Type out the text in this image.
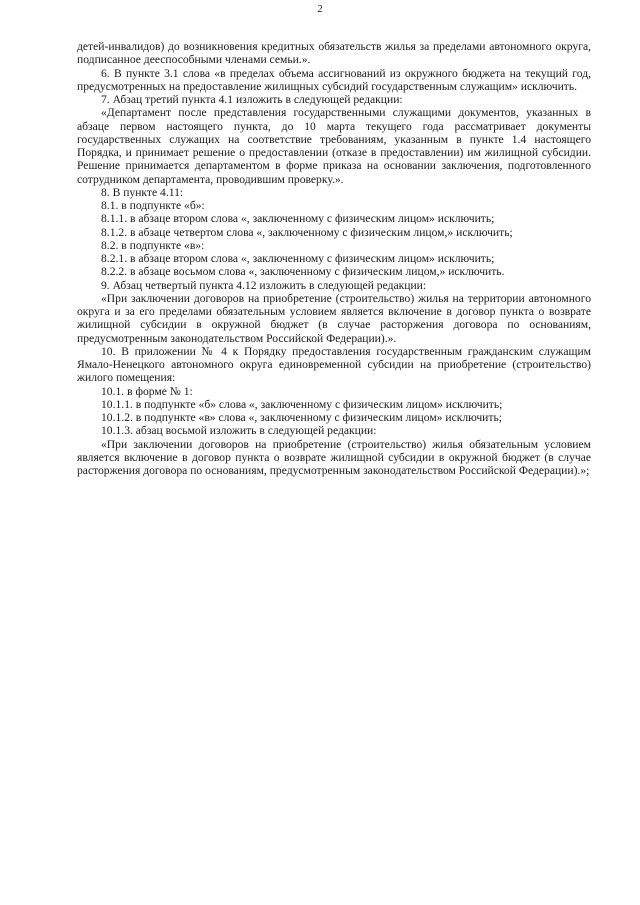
2

детей-инвалидов) до возникновения кредитных обязательств жилья за пределами автономного округа, подписанное дееспособными членами семьи.».

6. В пункте 3.1 слова «в пределах объема ассигнований из окружного бюджета на текущий год, предусмотренных на предоставление жилищных субсидий государственным служащим» исключить.

7. Абзац третий пункта 4.1 изложить в следующей редакции:

«Департамент после представления государственными служащими документов, указанных в абзаце первом настоящего пункта, до 10 марта текущего года рассматривает документы государственных служащих на соответствие требованиям, указанным в пункте 1.4 настоящего Порядка, и принимает решение о предоставлении (отказе в предоставлении) им жилищной субсидии. Решение принимается департаментом в форме приказа на основании заключения, подготовленного сотрудником департамента, проводившим проверку.».

8. В пункте 4.11:

8.1. в подпункте «б»:

8.1.1. в абзаце втором слова «, заключенному с физическим лицом» исключить;

8.1.2. в абзаце четвертом слова «, заключенному с физическим лицом,» исключить;

8.2. в подпункте «в»:

8.2.1. в абзаце втором слова «, заключенному с физическим лицом» исключить;

8.2.2. в абзаце восьмом слова «, заключенному с физическим лицом,» исключить.

9. Абзац четвертый пункта 4.12 изложить в следующей редакции:

«При заключении договоров на приобретение (строительство) жилья на территории автономного округа и за его пределами обязательным условием является включение в договор пункта о возврате жилищной субсидии в окружной бюджет (в случае расторжения договора по основаниям, предусмотренным законодательством Российской Федерации).».

10. В приложении № 4 к Порядку предоставления государственным гражданским служащим Ямало-Ненецкого автономного округа единовременной субсидии на приобретение (строительство) жилого помещения:

10.1. в форме № 1:

10.1.1. в подпункте «б» слова «, заключенному с физическим лицом» исключить;

10.1.2. в подпункте «в» слова «, заключенному с физическим лицом» исключить;

10.1.3. абзац восьмой изложить в следующей редакции:

«При заключении договоров на приобретение (строительство) жилья обязательным условием является включение в договор пункта о возврате жилищной субсидии в окружной бюджет (в случае расторжения договора по основаниям, предусмотренным законодательством Российской Федерации).»;
